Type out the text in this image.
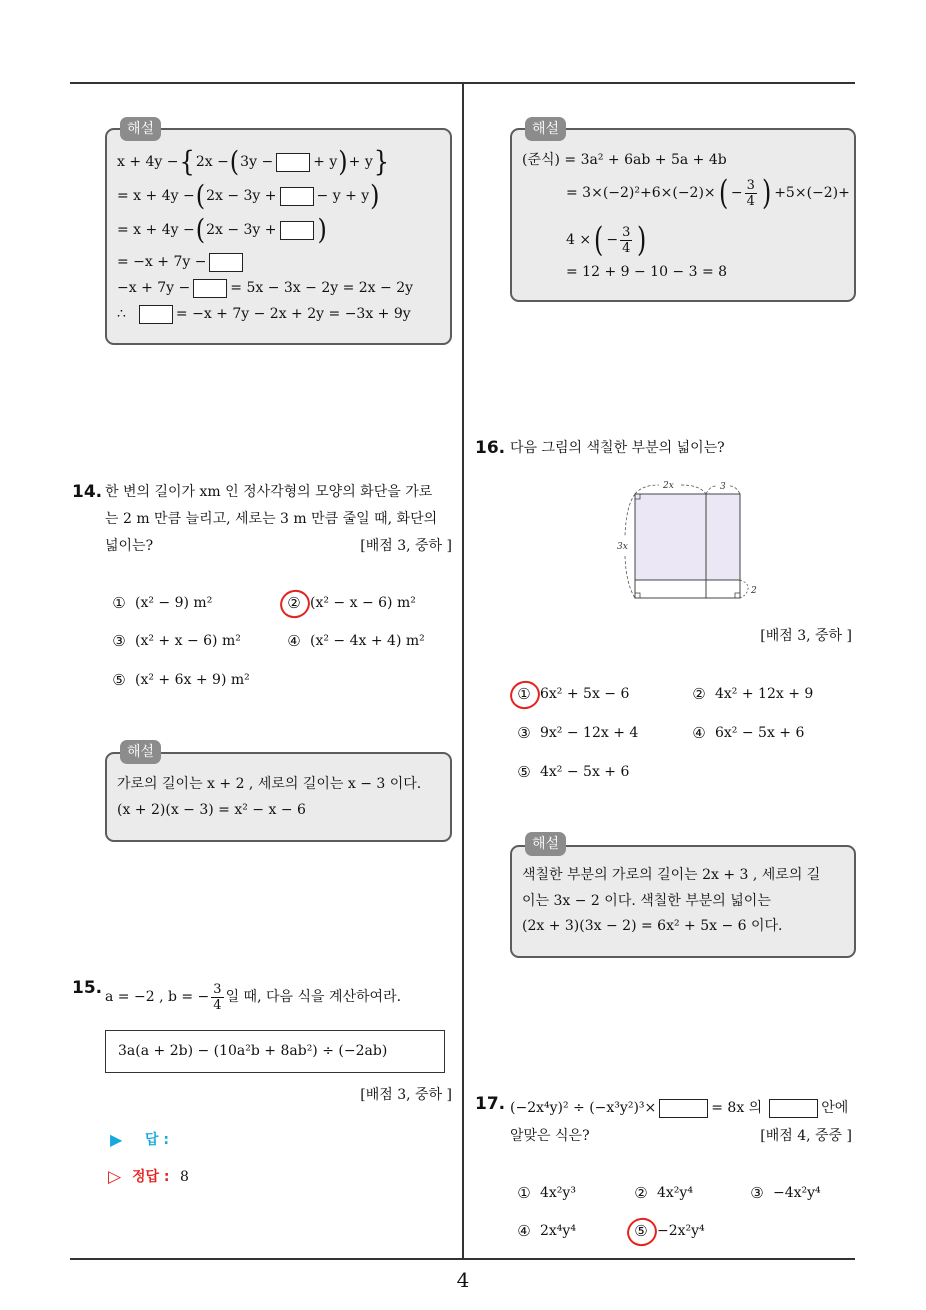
4
x + 4y − { 2x − ( 3y −	+ y ) + y }
= x + 4y − ( 2x − 3y +	− y + y )
= x + 4y − ( 2x − 3y + )
= −x + 7y −
−x + 7y −	= 5x − 3x − 2y = 2x − 2y
∴	= −x + 7y − 2x + 2y = −3x + 9y
해설
14. 한 변의 길이가 xm 인 정사각형의 모양의 화단을 가로
는 2 m 만큼 늘리고, 세로는 3 m 만큼 줄일 때, 화단의
넓이는?	[배점 3, 중하 ]
① (x² − 9) m²	② (x² − x − 6) m²
③ (x² + x − 6) m²	④ (x² − 4x + 4) m²
⑤ (x² + 6x + 9) m²
가로의 길이는 x + 2 , 세로의 길이는 x − 3 이다.
(x + 2)(x − 3) = x² − x − 6
해설
15. a = −2 , b = − $\frac{3}{4}$ 일 때, 다음 식을 계산하여라.
3a(a + 2b) − (10a²b + 8ab²) ÷ (−2ab)
[배점 3, 중하 ]
▶	답 :
▷ 정답 : 8
(준식) = 3a² + 6ab + 5a + 4b
= 3×(−2)²+6×(−2)× ( − $\frac{3}{4}$ ) +5×(−2)+
4 × ( − $\frac{3}{4}$ )
= 12 + 9 − 10 − 3 = 8
해설
16. 다음 그림의 색칠한 부분의 넓이는?
2x	3
3x
2
[배점 3, 중하 ]
① 6x² + 5x − 6	② 4x² + 12x + 9
③ 9x² − 12x + 4	④ 6x² − 5x + 6
⑤ 4x² − 5x + 6
색칠한 부분의 가로의 길이는 2x + 3 , 세로의 길
이는 3x − 2 이다. 색칠한 부분의 넓이는
(2x + 3)(3x − 2) = 6x² + 5x − 6 이다.
해설
17. (−2x⁴y)² ÷ (−x³y²)³×	= 8x 의	안에
알맞은 식은?	[배점 4, 중중 ]
① 4x²y³	② 4x²y⁴	③ −4x²y⁴
④ 2x⁴y⁴	⑤ −2x²y⁴
